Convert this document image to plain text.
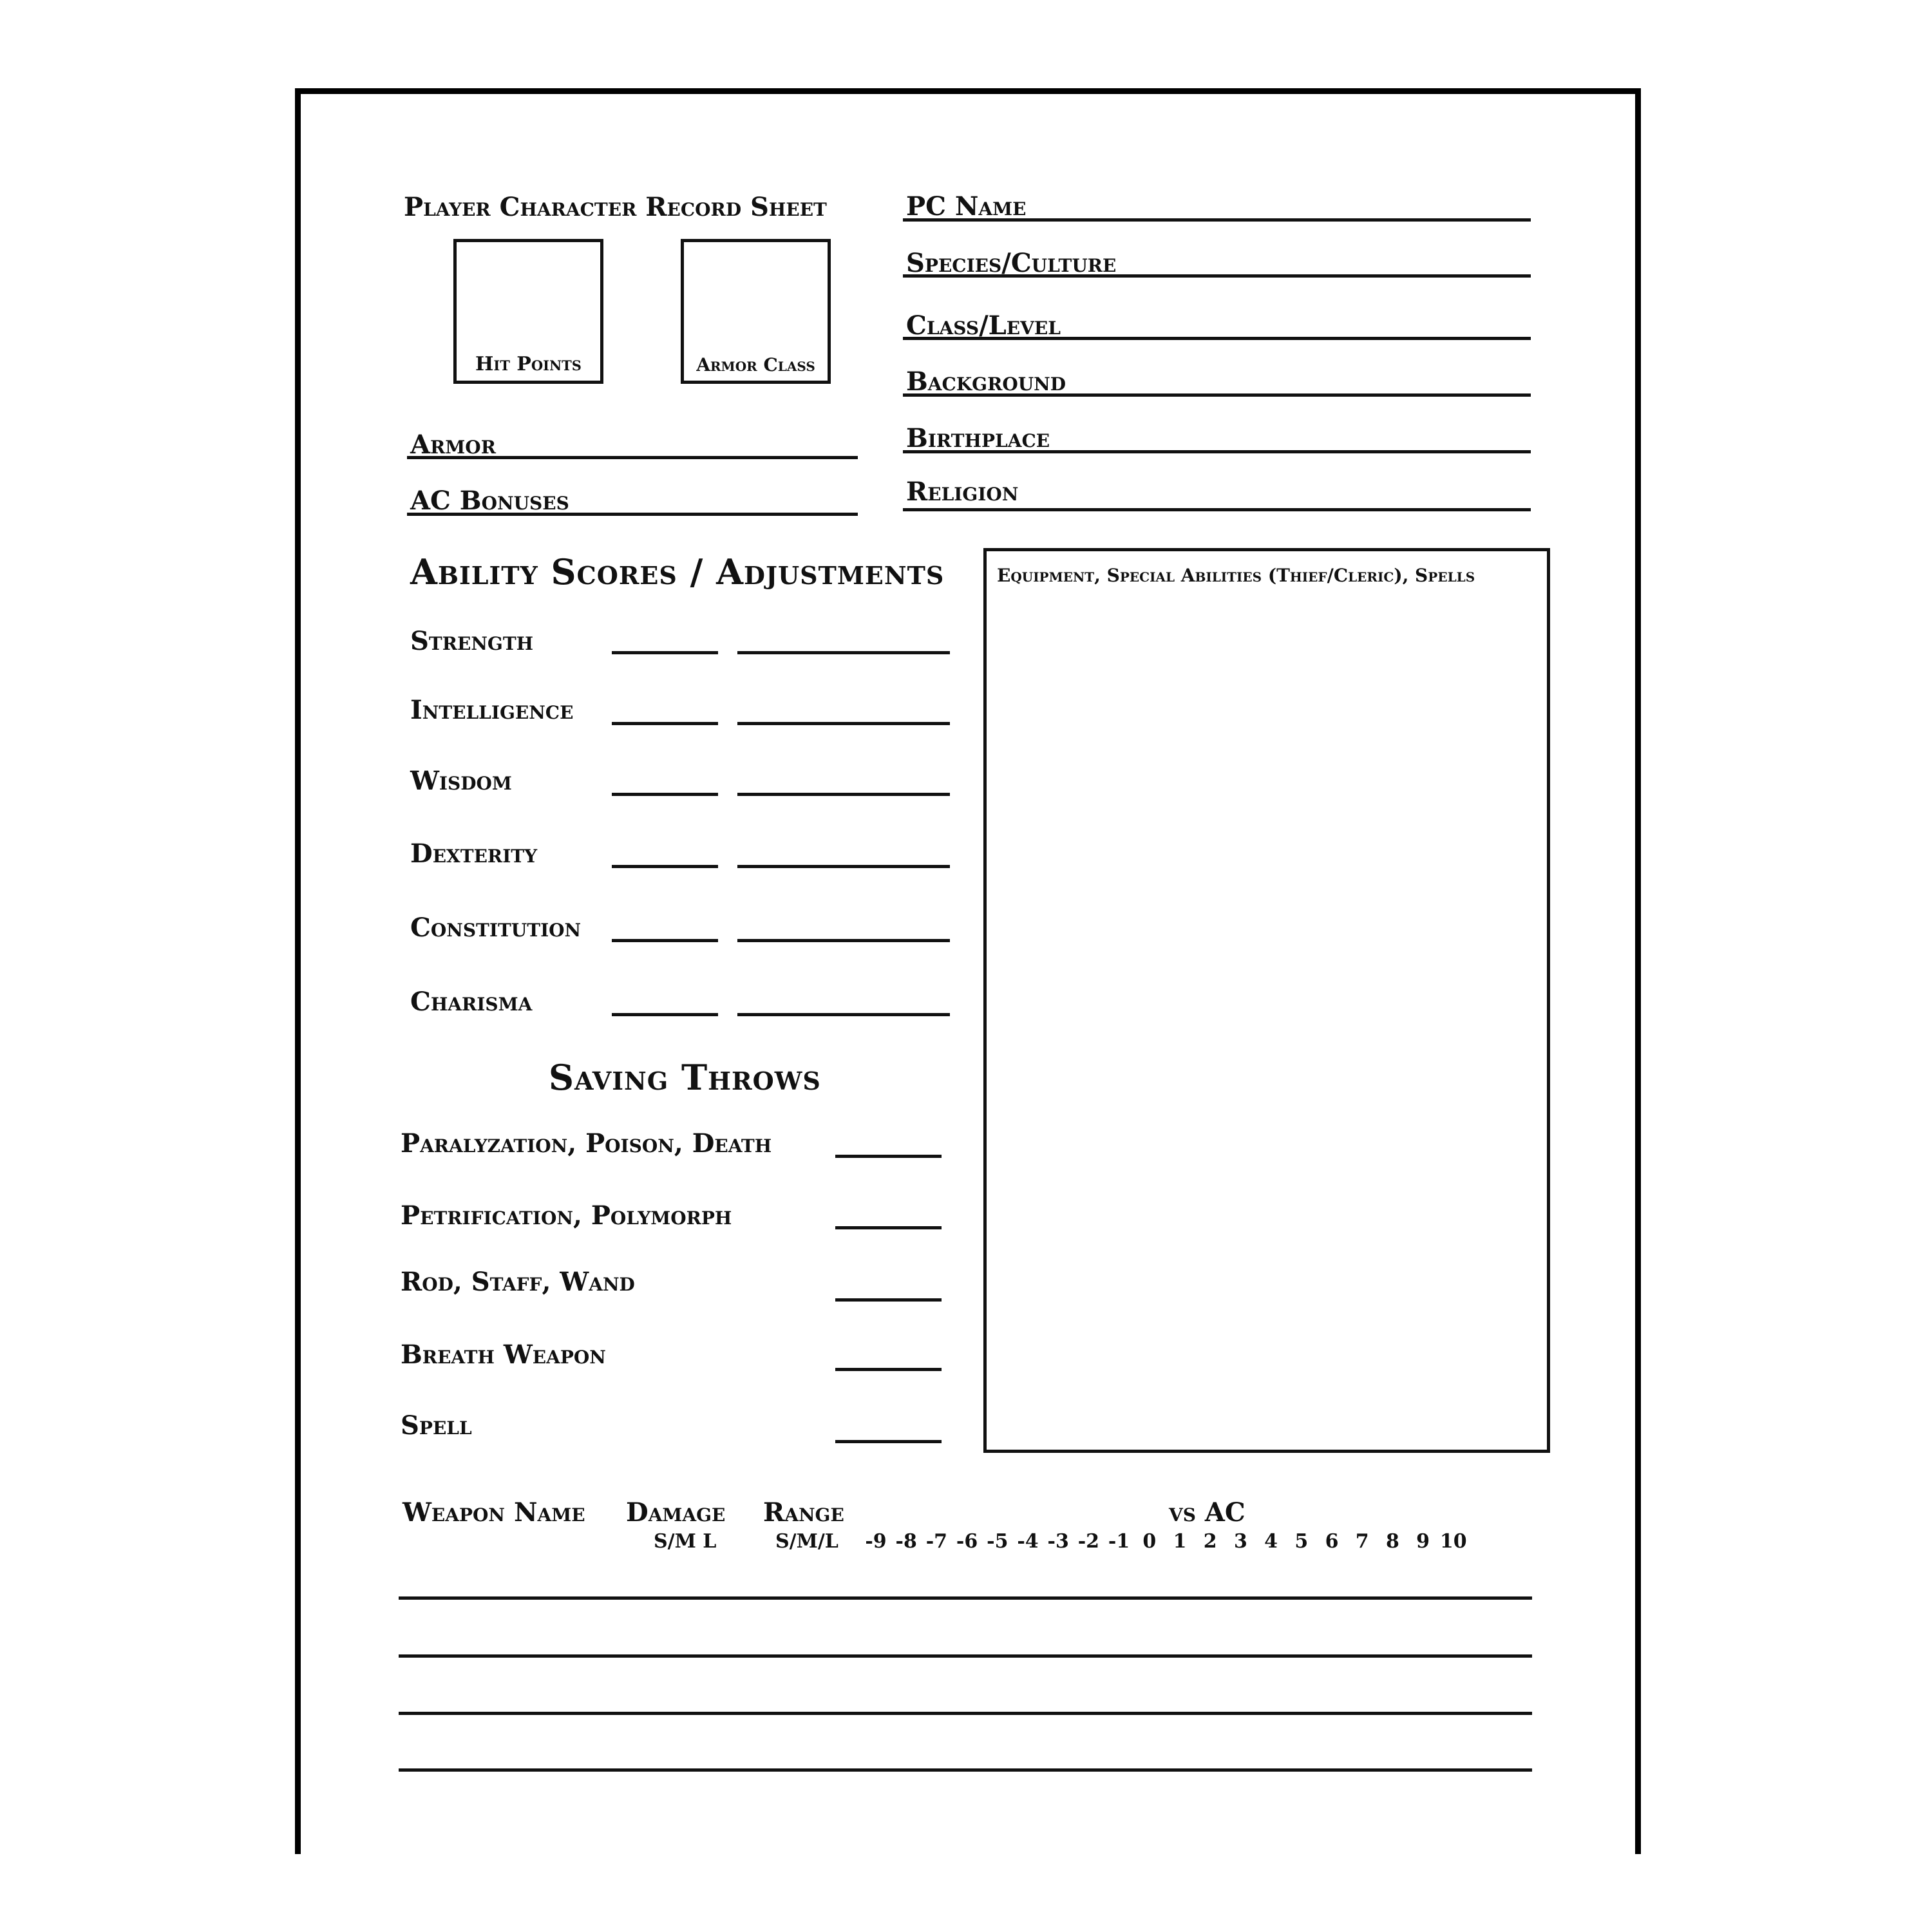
Player Character Record Sheet
Hit Points	Armor Class
Armor
AC Bonuses
PC Name
Species/Culture
Class/Level
Background
Birthplace
Religion
Ability Scores / Adjustments
Strength
Intelligence
Wisdom
Dexterity
Constitution
Charisma
Saving Throws
Paralyzation, Poison, Death
Petrification, Polymorph
Rod, Staff, Wand
Breath Weapon
Spell
Equipment, Special Abilities (Thief/Cleric), Spells
Weapon Name Damage
S/M L
Range
S/M/L
vs AC
-9 -8 -7 -6 -5 -4 -3 -2 -1 0 1 2 3 4 5 6 7 8 9 10
